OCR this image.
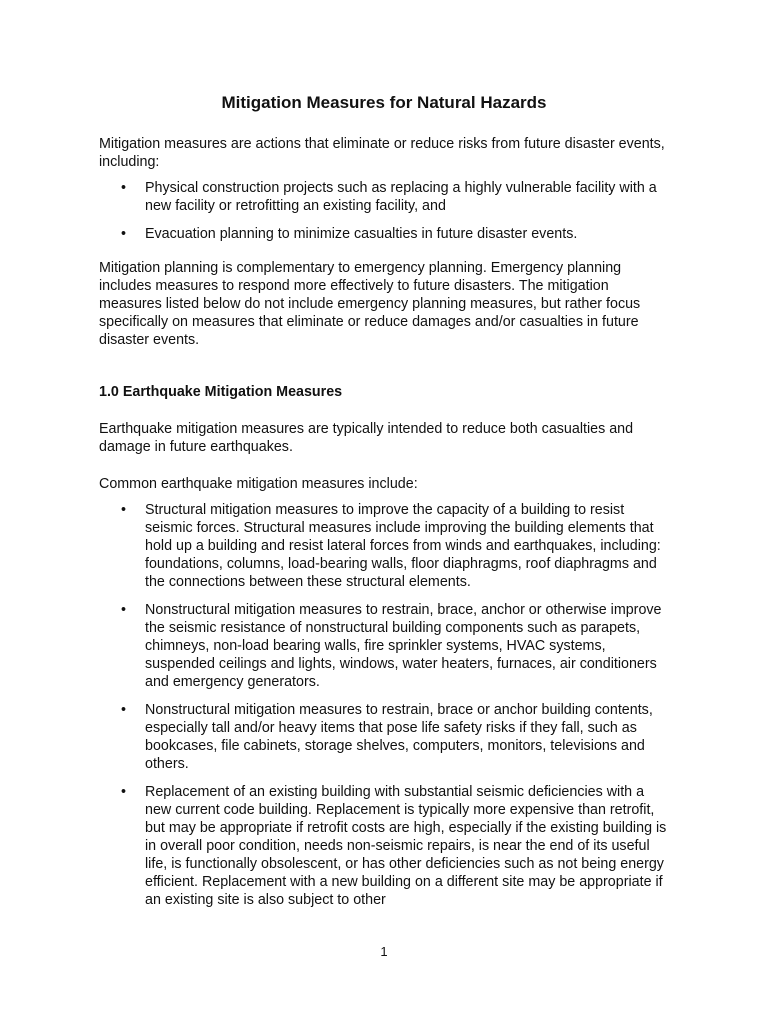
Mitigation Measures for Natural Hazards

Mitigation measures are actions that eliminate or reduce risks from future disaster events, including:

• Physical construction projects such as replacing a highly vulnerable facility with a new facility or retrofitting an existing facility, and
• Evacuation planning to minimize casualties in future disaster events.

Mitigation planning is complementary to emergency planning. Emergency planning includes measures to respond more effectively to future disasters. The mitigation measures listed below do not include emergency planning measures, but rather focus specifically on measures that eliminate or reduce damages and/or casualties in future disaster events.

1.0 Earthquake Mitigation Measures

Earthquake mitigation measures are typically intended to reduce both casualties and damage in future earthquakes.

Common earthquake mitigation measures include:

• Structural mitigation measures to improve the capacity of a building to resist seismic forces. Structural measures include improving the building elements that hold up a building and resist lateral forces from winds and earthquakes, including: foundations, columns, load-bearing walls, floor diaphragms, roof diaphragms and the connections between these structural elements.
• Nonstructural mitigation measures to restrain, brace, anchor or otherwise improve the seismic resistance of nonstructural building components such as parapets, chimneys, non-load bearing walls, fire sprinkler systems, HVAC systems, suspended ceilings and lights, windows, water heaters, furnaces, air conditioners and emergency generators.
• Nonstructural mitigation measures to restrain, brace or anchor building contents, especially tall and/or heavy items that pose life safety risks if they fall, such as bookcases, file cabinets, storage shelves, computers, monitors, televisions and others.
• Replacement of an existing building with substantial seismic deficiencies with a new current code building. Replacement is typically more expensive than retrofit, but may be appropriate if retrofit costs are high, especially if the existing building is in overall poor condition, needs non-seismic repairs, is near the end of its useful life, is functionally obsolescent, or has other deficiencies such as not being energy efficient. Replacement with a new building on a different site may be appropriate if an existing site is also subject to other
1
